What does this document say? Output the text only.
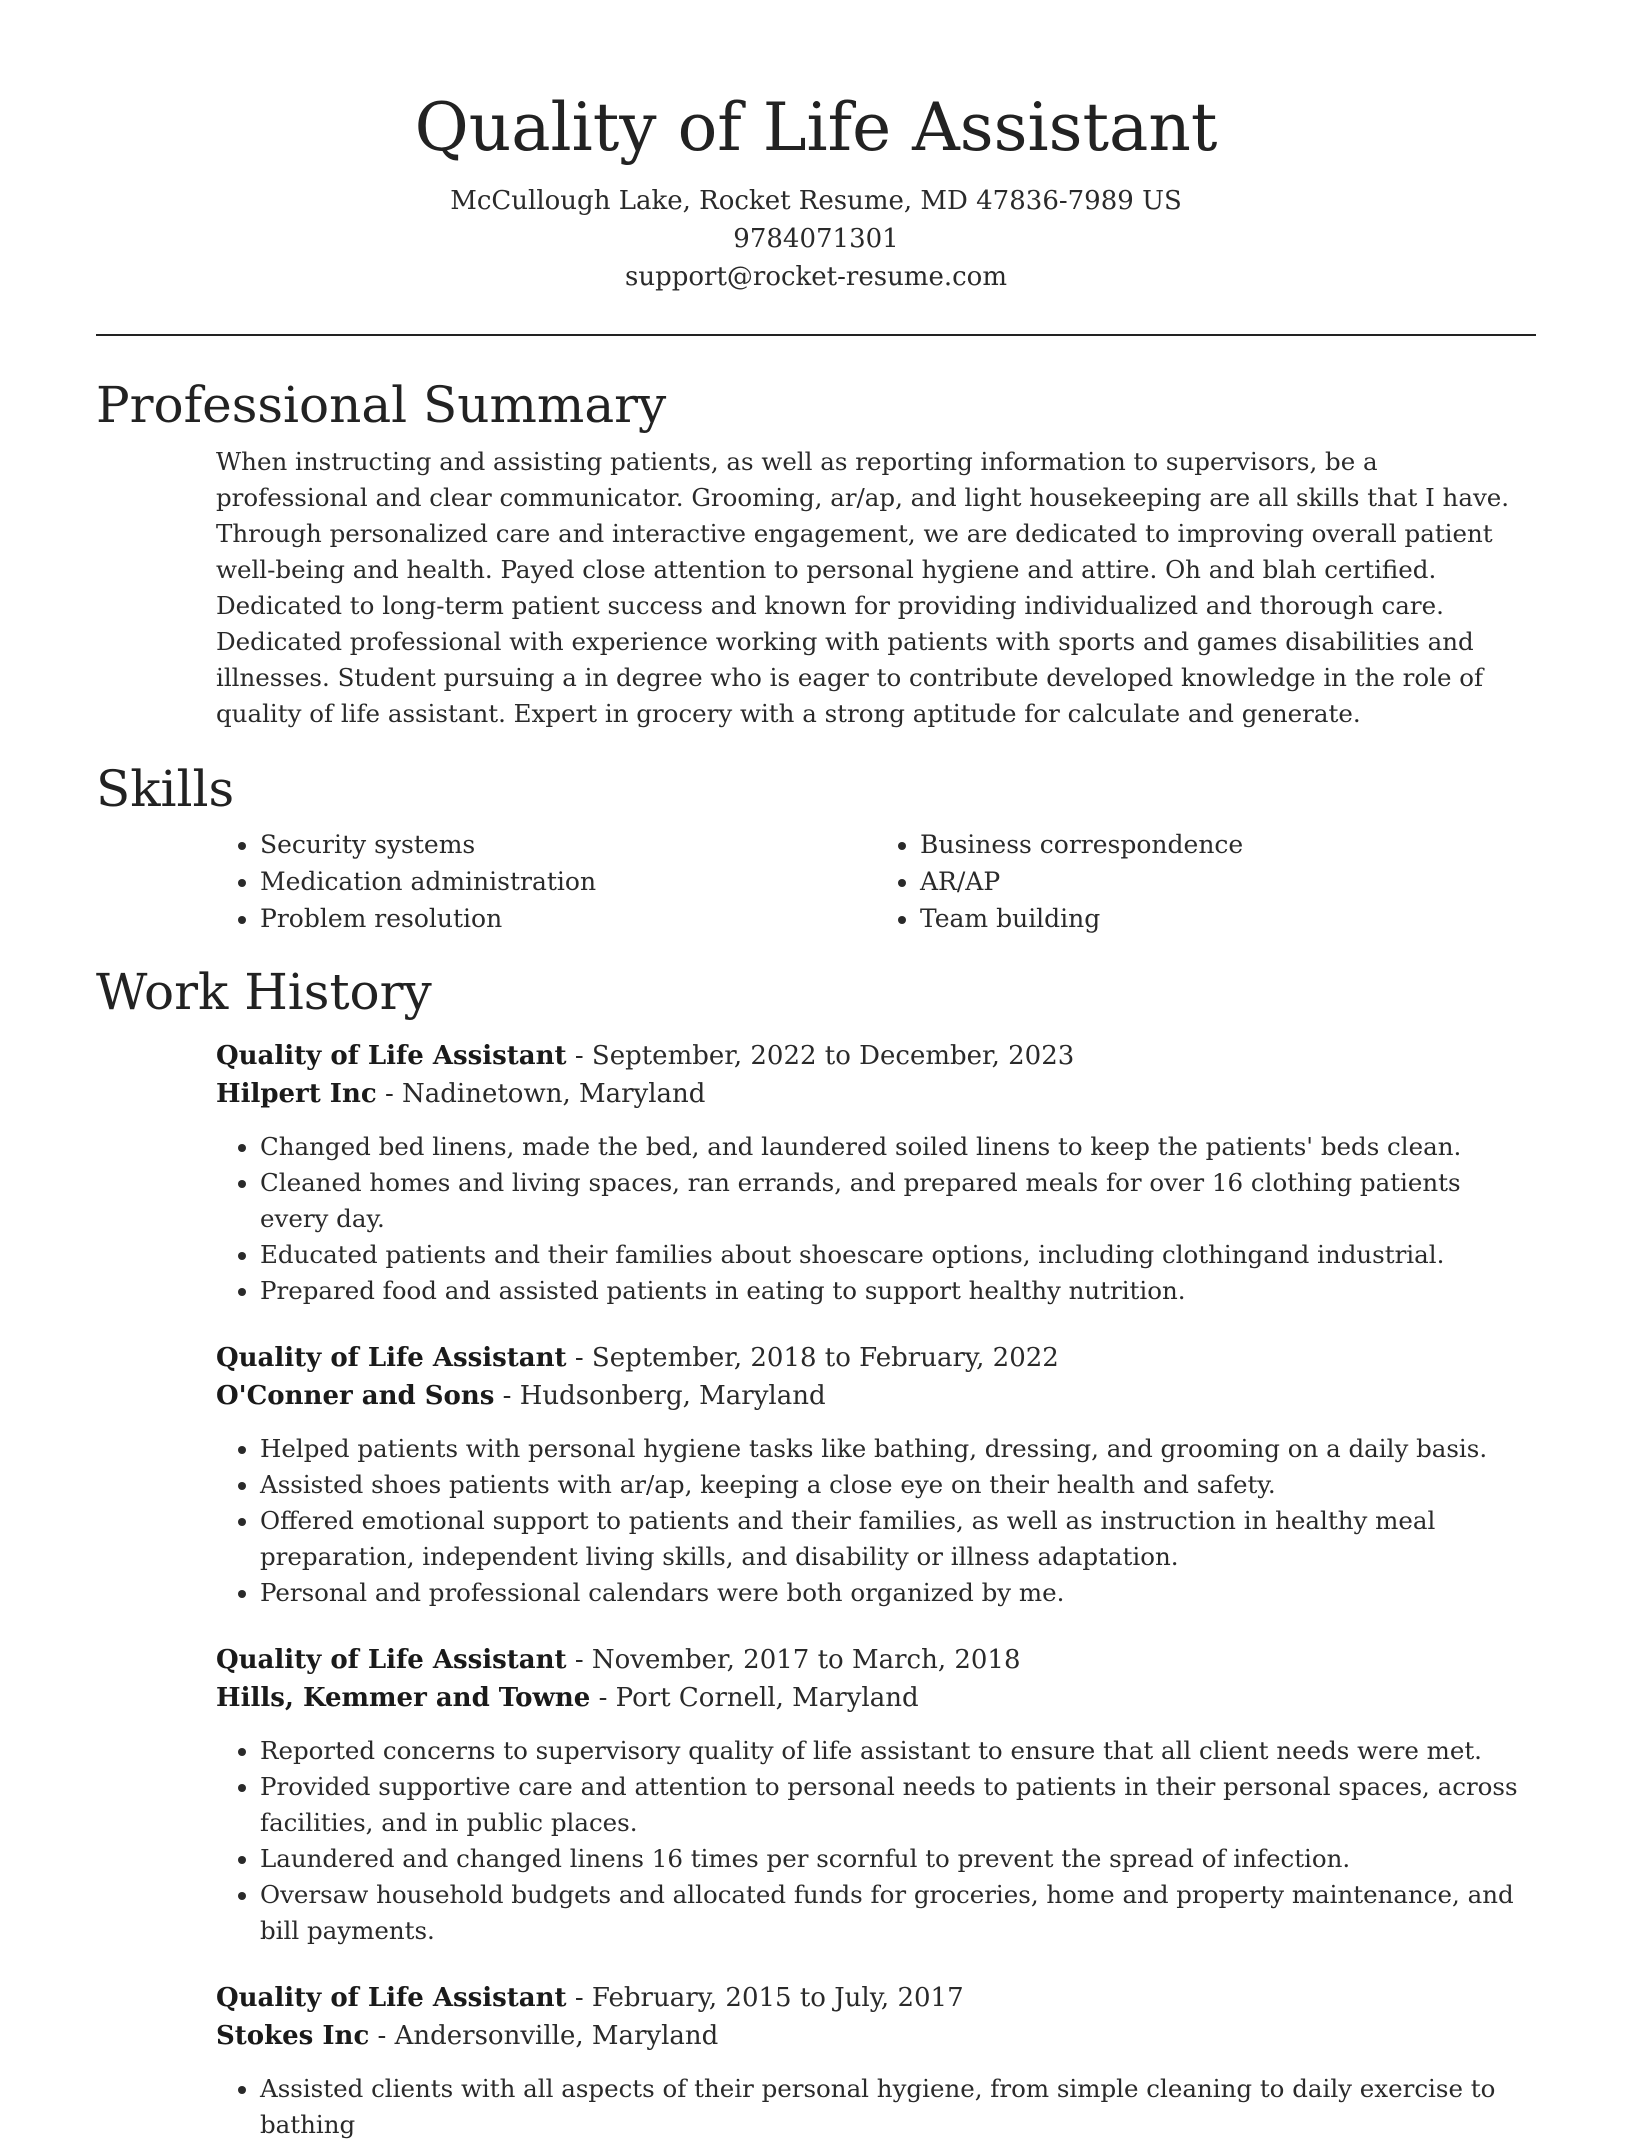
Quality of Life Assistant
McCullough Lake, Rocket Resume, MD 47836-7989 US
9784071301
support@rocket-resume.com
Professional Summary

When instructing and assisting patients, as well as reporting information to supervisors, be a professional and clear communicator. Grooming, ar/ap, and light housekeeping are all skills that I have. Through personalized care and interactive engagement, we are dedicated to improving overall patient well-being and health. Payed close attention to personal hygiene and attire. Oh and blah certified. Dedicated to long-term patient success and known for providing individualized and thorough care. Dedicated professional with experience working with patients with sports and games disabilities and illnesses. Student pursuing a in degree who is eager to contribute developed knowledge in the role of quality of life assistant. Expert in grocery with a strong aptitude for calculate and generate.

Skills
• Security systems
• Medication administration
• Problem resolution
• Business correspondence
• AR/AP
• Team building
Work History
Quality of Life Assistant - September, 2022 to December, 2023
Hilpert Inc - Nadinetown, Maryland
• Changed bed linens, made the bed, and laundered soiled linens to keep the patients' beds clean.
• Cleaned homes and living spaces, ran errands, and prepared meals for over 16 clothing patients every day.
• Educated patients and their families about shoescare options, including clothingand industrial.
• Prepared food and assisted patients in eating to support healthy nutrition.
Quality of Life Assistant - September, 2018 to February, 2022
O'Conner and Sons - Hudsonberg, Maryland
• Helped patients with personal hygiene tasks like bathing, dressing, and grooming on a daily basis.
• Assisted shoes patients with ar/ap, keeping a close eye on their health and safety.
• Offered emotional support to patients and their families, as well as instruction in healthy meal preparation, independent living skills, and disability or illness adaptation.
• Personal and professional calendars were both organized by me.
Quality of Life Assistant - November, 2017 to March, 2018
Hills, Kemmer and Towne - Port Cornell, Maryland
• Reported concerns to supervisory quality of life assistant to ensure that all client needs were met.
• Provided supportive care and attention to personal needs to patients in their personal spaces, across facilities, and in public places.
• Laundered and changed linens 16 times per scornful to prevent the spread of infection.
• Oversaw household budgets and allocated funds for groceries, home and property maintenance, and bill payments.
Quality of Life Assistant - February, 2015 to July, 2017
Stokes Inc - Andersonville, Maryland
• Assisted clients with all aspects of their personal hygiene, from simple cleaning to daily exercise to bathing
